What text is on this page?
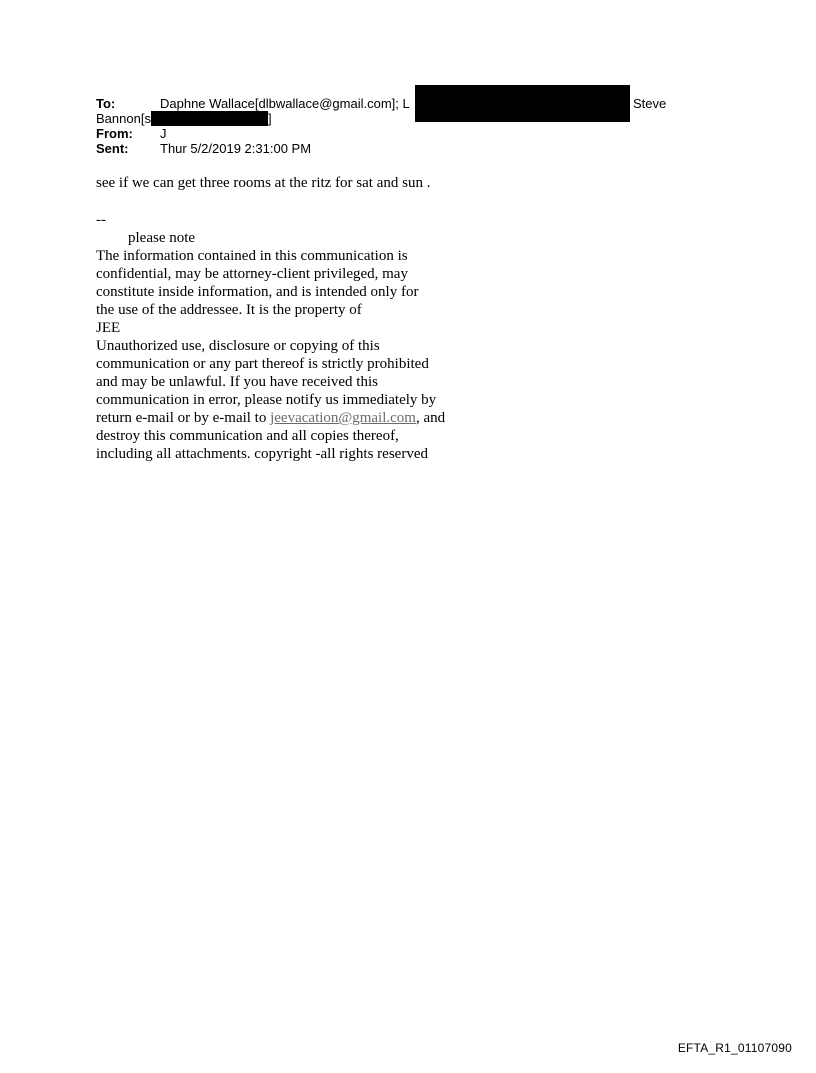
To:	Daphne Wallace[dlbwallace@gmail.com]; L	Steve
Bannon[s	]
From: J
Sent: Thur 5/2/2019 2:31:00 PM
see if we can get three rooms at the ritz for sat and sun .
--
please note
The information contained in this communication is
confidential, may be attorney-client privileged, may
constitute inside information, and is intended only for
the use of the addressee. It is the property of
JEE
Unauthorized use, disclosure or copying of this
communication or any part thereof is strictly prohibited
and may be unlawful. If you have received this
communication in error, please notify us immediately by
return e-mail or by e-mail to jeevacation@gmail.com, and
destroy this communication and all copies thereof,
including all attachments. copyright -all rights reserved
EFTA_R1_01107090
